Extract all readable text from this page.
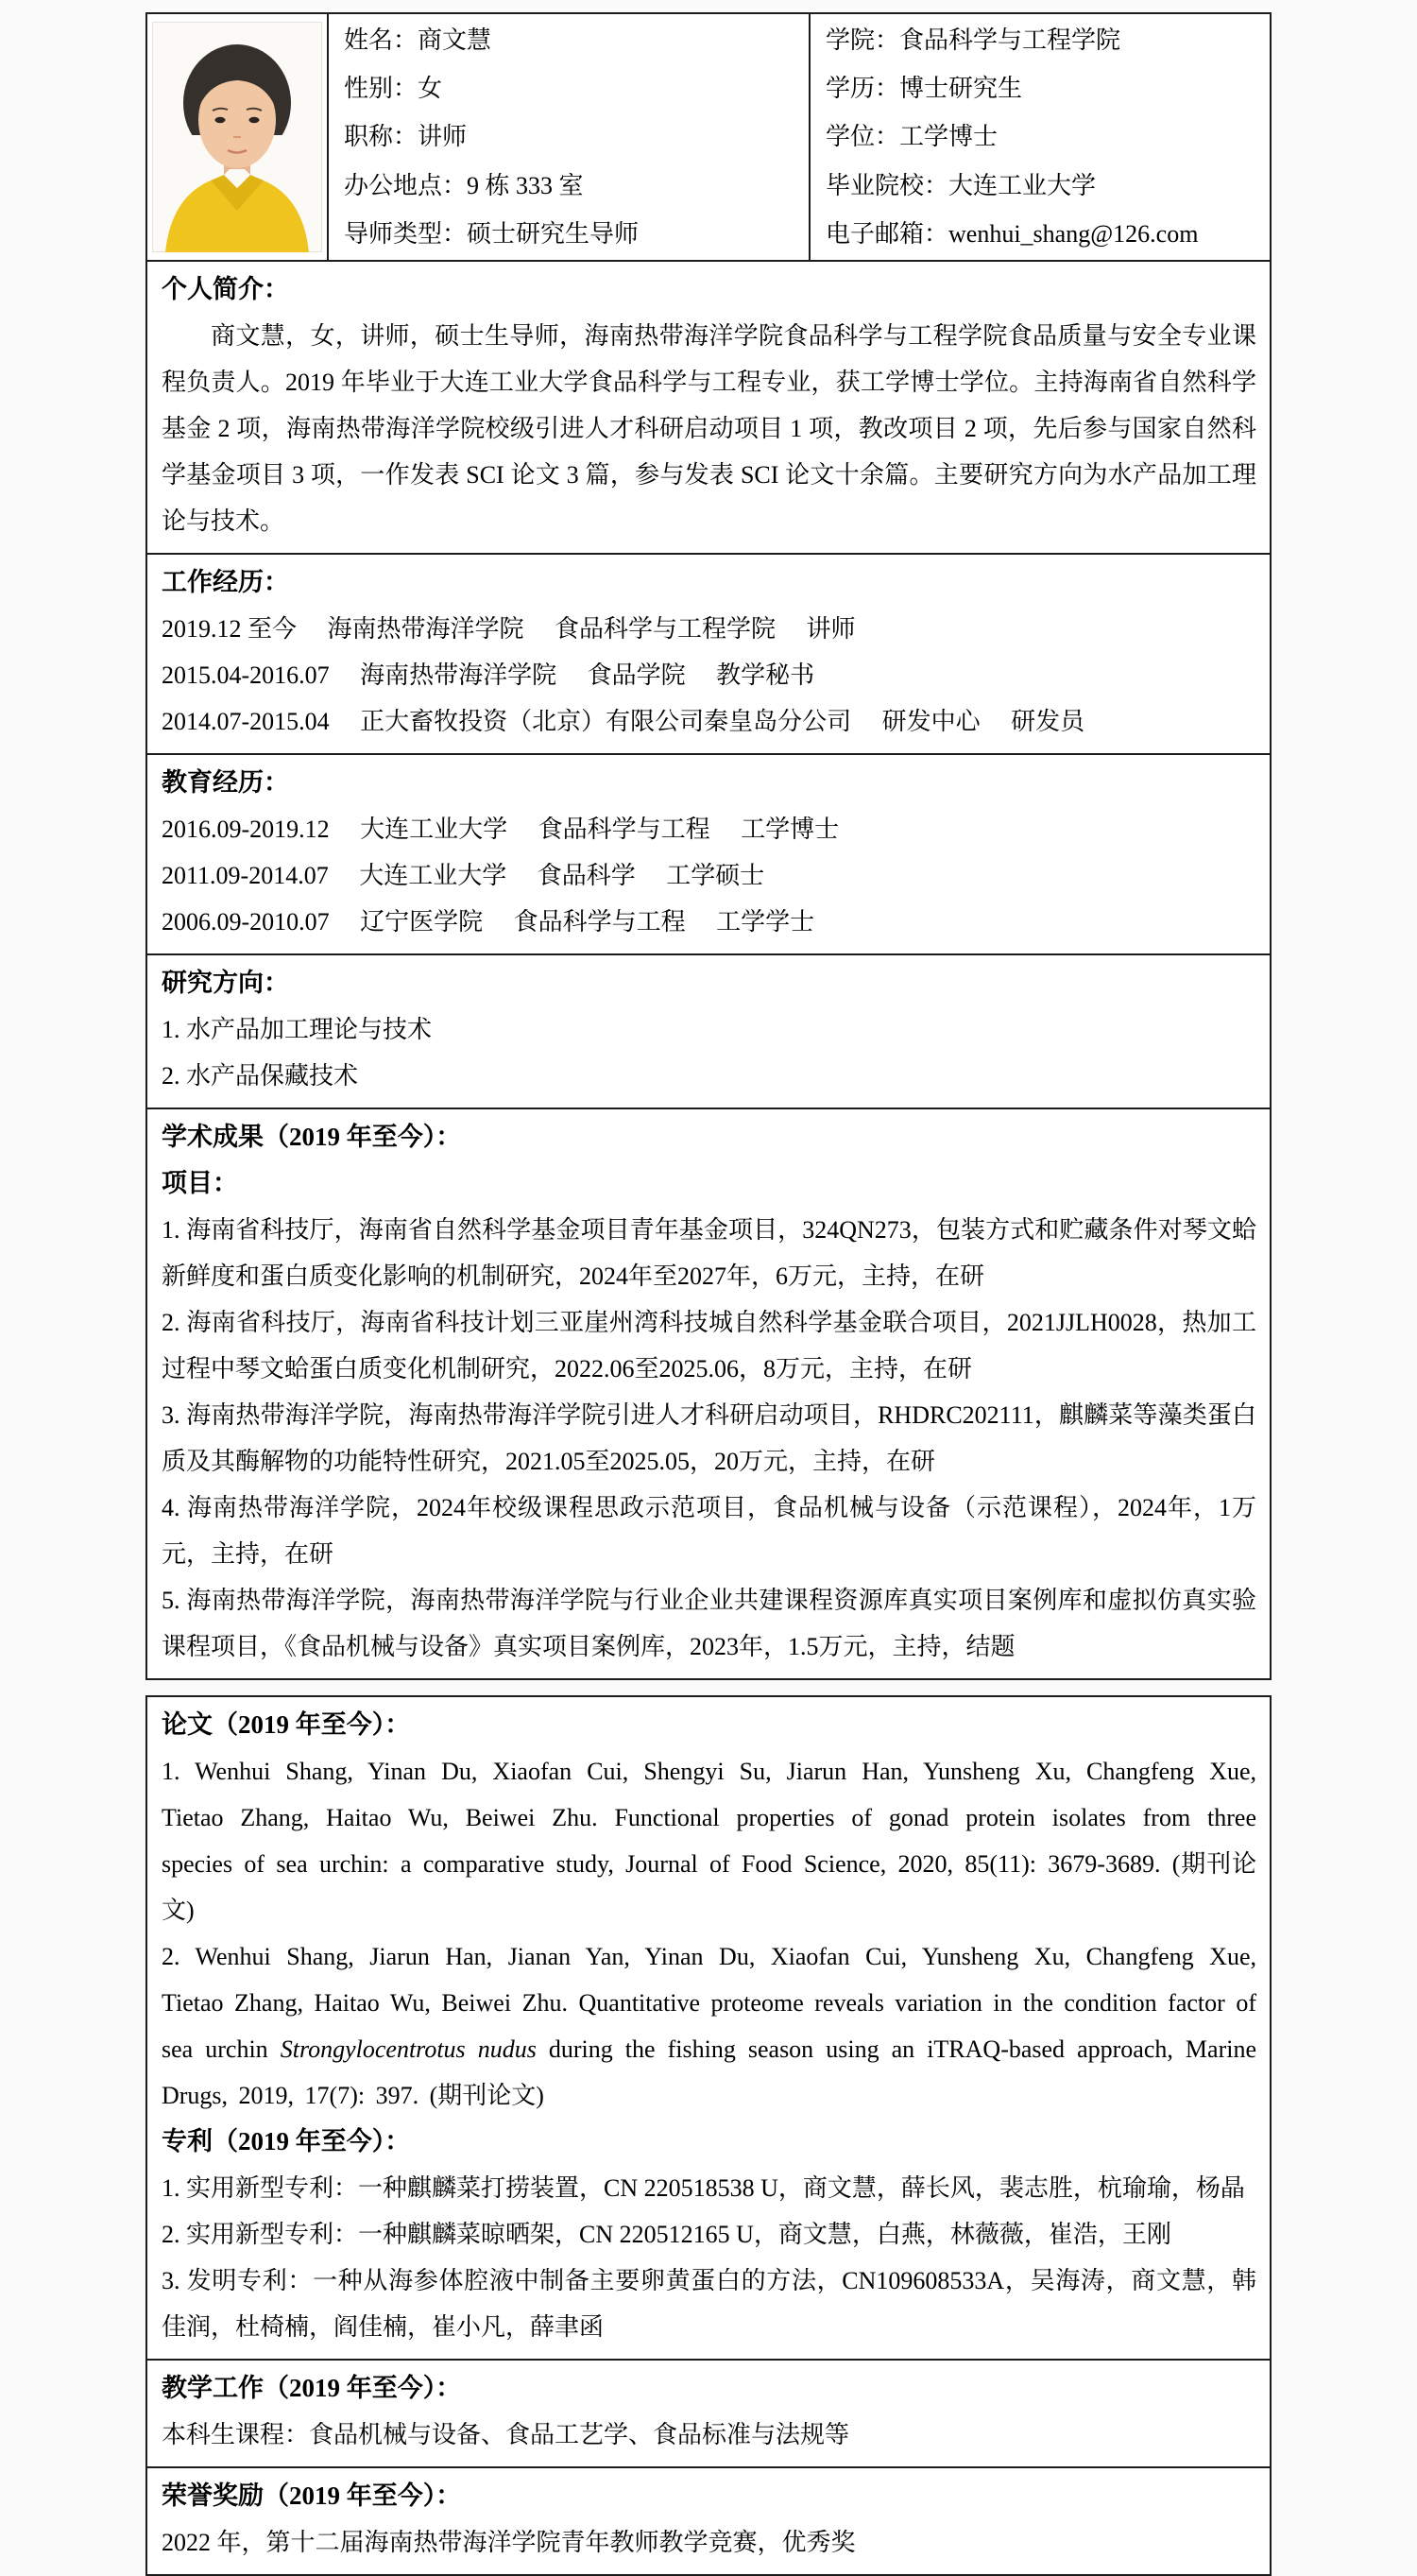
姓名：商文慧
性别：女
职称：讲师
办公地点：9 栋 333 室
导师类型：硕士研究生导师
学院：食品科学与工程学院
学历：博士研究生
学位：工学博士
毕业院校：大连工业大学
电子邮箱：wenhui_shang@126.com
个人简介：

商文慧，女，讲师，硕士生导师，海南热带海洋学院食品科学与工程学院食品质量与安全专业课程负责人。2019 年毕业于大连工业大学食品科学与工程专业，获工学博士学位。主持海南省自然科学基金 2 项，海南热带海洋学院校级引进人才科研启动项目 1 项，教改项目 2 项，先后参与国家自然科学基金项目 3 项，一作发表 SCI 论文 3 篇，参与发表 SCI 论文十余篇。主要研究方向为水产品加工理论与技术。

工作经历：

2019.12 至今　 海南热带海洋学院　 食品科学与工程学院　 讲师

2015.04-2016.07　 海南热带海洋学院　 食品学院　 教学秘书

2014.07-2015.04　 正大畜牧投资（北京）有限公司秦皇岛分公司　 研发中心　 研发员

教育经历：

2016.09-2019.12　 大连工业大学　 食品科学与工程　 工学博士

2011.09-2014.07　 大连工业大学　 食品科学　 工学硕士

2006.09-2010.07　 辽宁医学院　 食品科学与工程　 工学学士

研究方向：

1. 水产品加工理论与技术

2. 水产品保藏技术

学术成果（2019 年至今）：
项目：

1. 海南省科技厅，海南省自然科学基金项目青年基金项目，324QN273，包装方式和贮藏条件对琴文蛤新鲜度和蛋白质变化影响的机制研究，2024年至2027年，6万元，主持，在研

2. 海南省科技厅，海南省科技计划三亚崖州湾科技城自然科学基金联合项目，2021JJLH0028，热加工过程中琴文蛤蛋白质变化机制研究，2022.06至2025.06，8万元，主持，在研

3. 海南热带海洋学院，海南热带海洋学院引进人才科研启动项目，RHDRC202111，麒麟菜等藻类蛋白质及其酶解物的功能特性研究，2021.05至2025.05，20万元，主持，在研

4. 海南热带海洋学院，2024年校级课程思政示范项目，食品机械与设备（示范课程），2024年，1万元，主持，在研

5. 海南热带海洋学院，海南热带海洋学院与行业企业共建课程资源库真实项目案例库和虚拟仿真实验课程项目，《食品机械与设备》真实项目案例库，2023年，1.5万元，主持，结题

论文（2019 年至今）：

1. Wenhui Shang, Yinan Du, Xiaofan Cui, Shengyi Su, Jiarun Han, Yunsheng Xu, Changfeng Xue, Tietao Zhang, Haitao Wu, Beiwei Zhu. Functional properties of gonad protein isolates from three species of sea urchin: a comparative study, Journal of Food Science, 2020, 85(11): 3679-3689. (期刊论文)

2. Wenhui Shang, Jiarun Han, Jianan Yan, Yinan Du, Xiaofan Cui, Yunsheng Xu, Changfeng Xue, Tietao Zhang, Haitao Wu, Beiwei Zhu. Quantitative proteome reveals variation in the condition factor of sea urchin Strongylocentrotus nudus during the fishing season using an iTRAQ-based approach, Marine Drugs, 2019, 17(7): 397. (期刊论文)

专利（2019 年至今）：

1. 实用新型专利：一种麒麟菜打捞装置，CN 220518538 U，商文慧，薛长风，裴志胜，杭瑜瑜，杨晶

2. 实用新型专利：一种麒麟菜晾晒架，CN 220512165 U，商文慧，白燕，林薇薇，崔浩，王刚

3. 发明专利：一种从海参体腔液中制备主要卵黄蛋白的方法，CN109608533A，吴海涛，商文慧，韩佳润，杜椅楠，阎佳楠，崔小凡，薛聿函

教学工作（2019 年至今）：

本科生课程：食品机械与设备、食品工艺学、食品标准与法规等

荣誉奖励（2019 年至今）：

2022 年，第十二届海南热带海洋学院青年教师教学竞赛，优秀奖
